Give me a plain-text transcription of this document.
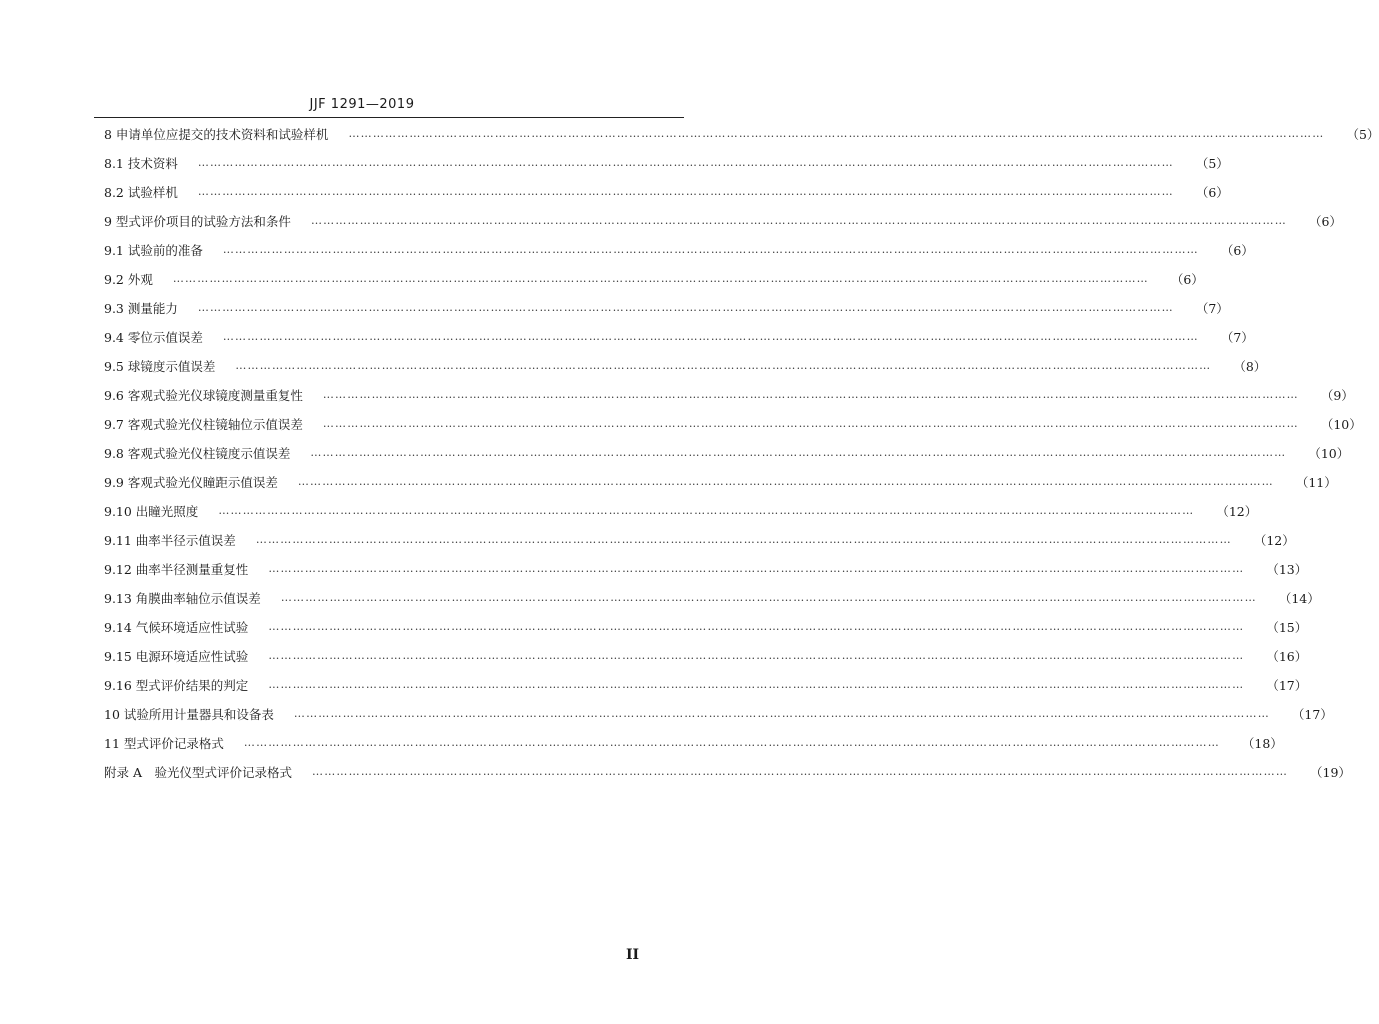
JJF 1291—2019
8 申请单位应提交的技术资料和试验样机	…………………………………………………………………………………………………………………………………………………………………………………………………………………… （5）
8.1 技术资料	…………………………………………………………………………………………………………………………………………………………………………………………………………………… （5）
8.2 试验样机	…………………………………………………………………………………………………………………………………………………………………………………………………………………… （6）
9 型式评价项目的试验方法和条件	…………………………………………………………………………………………………………………………………………………………………………………………………………………… （6）
9.1 试验前的准备	…………………………………………………………………………………………………………………………………………………………………………………………………………………… （6）
9.2 外观	…………………………………………………………………………………………………………………………………………………………………………………………………………………… （6）
9.3 测量能力	…………………………………………………………………………………………………………………………………………………………………………………………………………………… （7）
9.4 零位示值误差	…………………………………………………………………………………………………………………………………………………………………………………………………………………… （7）
9.5 球镜度示值误差	…………………………………………………………………………………………………………………………………………………………………………………………………………………… （8）
9.6 客观式验光仪球镜度测量重复性	…………………………………………………………………………………………………………………………………………………………………………………………………………………… （9）
9.7 客观式验光仪柱镜轴位示值误差	…………………………………………………………………………………………………………………………………………………………………………………………………………………… （10）
9.8 客观式验光仪柱镜度示值误差	…………………………………………………………………………………………………………………………………………………………………………………………………………………… （10）
9.9 客观式验光仪瞳距示值误差	…………………………………………………………………………………………………………………………………………………………………………………………………………………… （11）
9.10 出瞳光照度	…………………………………………………………………………………………………………………………………………………………………………………………………………………… （12）
9.11 曲率半径示值误差	…………………………………………………………………………………………………………………………………………………………………………………………………………………… （12）
9.12 曲率半径测量重复性	…………………………………………………………………………………………………………………………………………………………………………………………………………………… （13）
9.13 角膜曲率轴位示值误差	…………………………………………………………………………………………………………………………………………………………………………………………………………………… （14）
9.14 气候环境适应性试验	…………………………………………………………………………………………………………………………………………………………………………………………………………………… （15）
9.15 电源环境适应性试验	…………………………………………………………………………………………………………………………………………………………………………………………………………………… （16）
9.16 型式评价结果的判定	…………………………………………………………………………………………………………………………………………………………………………………………………………………… （17）
10 试验所用计量器具和设备表	…………………………………………………………………………………………………………………………………………………………………………………………………………………… （17）
11 型式评价记录格式	…………………………………………………………………………………………………………………………………………………………………………………………………………………… （18）
附录 A　验光仪型式评价记录格式	…………………………………………………………………………………………………………………………………………………………………………………………………………………… （19）
II
